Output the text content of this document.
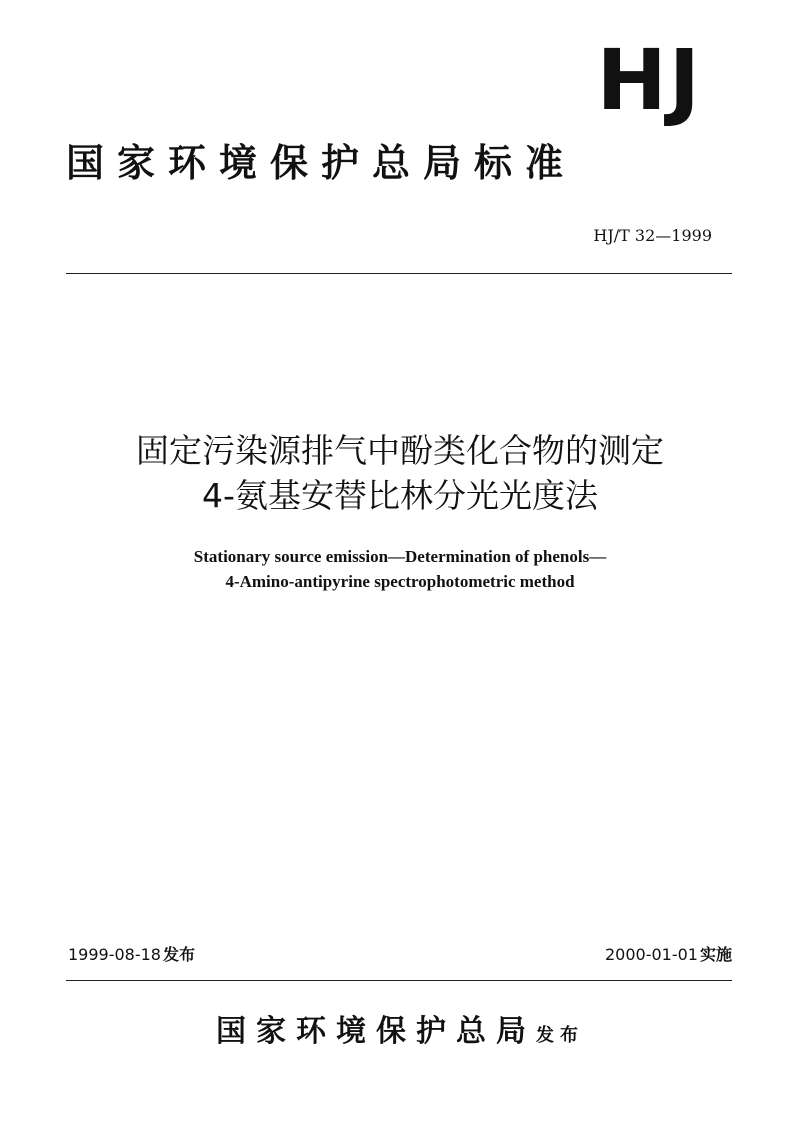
HJ
国家环境保护总局标准
HJ/T 32—1999
固定污染源排气中酚类化合物的测定
4-氨基安替比林分光光度法
Stationary source emission—Determination of phenols—
4-Amino-antipyrine spectrophotometric method
1999-08-18 发布	2000-01-01 实施
国家环境保护总局发布
